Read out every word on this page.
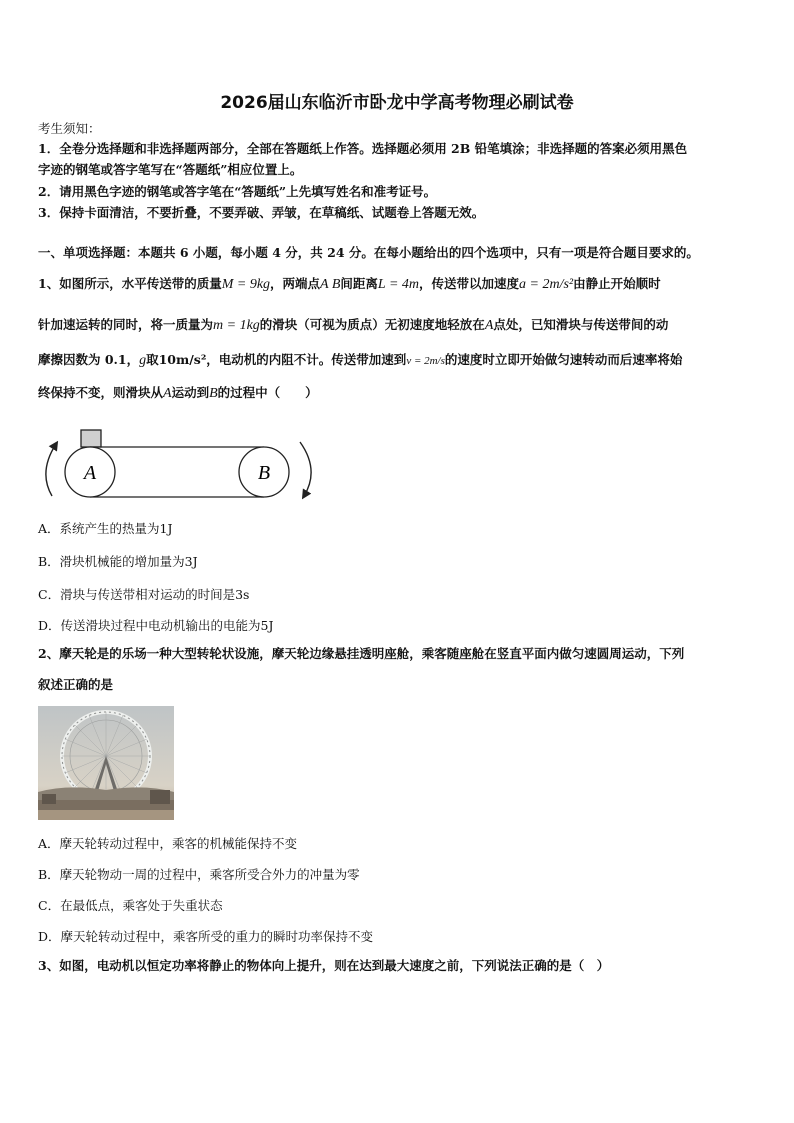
2026届山东临沂市卧龙中学高考物理必刷试卷
考生须知：
1．全卷分选择题和非选择题两部分，全部在答题纸上作答。选择题必须用 2B 铅笔填涂；非选择题的答案必须用黑色
字迹的钢笔或答字笔写在“答题纸”相应位置上。
2．请用黑色字迹的钢笔或答字笔在“答题纸”上先填写姓名和准考证号。
3．保持卡面清洁，不要折叠，不要弄破、弄皱，在草稿纸、试题卷上答题无效。
一、单项选择题：本题共 6 小题，每小题 4 分，共 24 分。在每小题给出的四个选项中，只有一项是符合题目要求的。
1、如图所示，水平传送带的质量M = 9kg，两端点A B间距离L = 4m，传送带以加速度a = 2m/s²由静止开始顺时
针加速运转的同时，将一质量为m = 1kg的滑块（可视为质点）无初速度地轻放在A点处，已知滑块与传送带间的动
摩擦因数为 0.1，g取10m/s²，电动机的内阻不计。传送带加速到v = 2m/s的速度时立即开始做匀速转动而后速率将始
终保持不变，则滑块从A运动到B的过程中（　　）
A	B
A．系统产生的热量为1J
B．滑块机械能的增加量为3J
C．滑块与传送带相对运动的时间是3s
D．传送滑块过程中电动机输出的电能为5J
2、摩天轮是的乐场一种大型转轮状设施，摩天轮边缘悬挂透明座舱，乘客随座舱在竖直平面内做匀速圆周运动，下列
叙述正确的是
A．摩天轮转动过程中，乘客的机械能保持不变
B．摩天轮物动一周的过程中，乘客所受合外力的冲量为零
C．在最低点，乘客处于失重状态
D．摩天轮转动过程中，乘客所受的重力的瞬时功率保持不变
3、如图，电动机以恒定功率将静止的物体向上提升，则在达到最大速度之前，下列说法正确的是（　）
